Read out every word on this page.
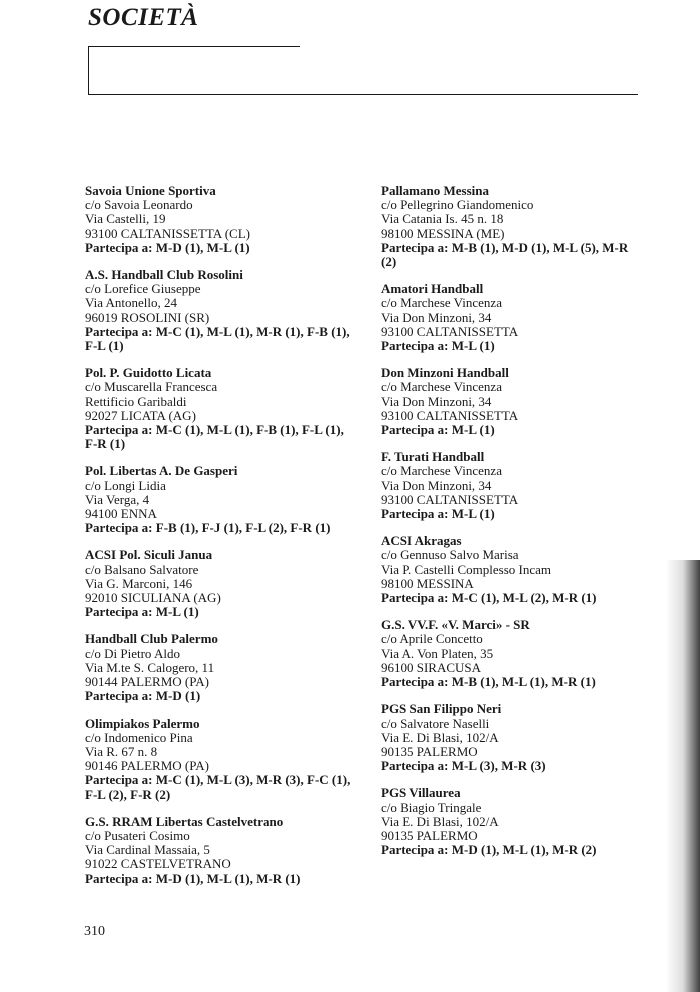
SOCIETÀ
Savoia Unione Sportiva
c/o Savoia Leonardo
Via Castelli, 19
93100 CALTANISSETTA (CL)
Partecipa a: M-D (1), M-L (1)
A.S. Handball Club Rosolini
c/o Lorefice Giuseppe
Via Antonello, 24
96019 ROSOLINI (SR)
Partecipa a: M-C (1), M-L (1), M-R (1), F-B (1), F-L (1)
Pol. P. Guidotto Licata
c/o Muscarella Francesca
Rettificio Garibaldi
92027 LICATA (AG)
Partecipa a: M-C (1), M-L (1), F-B (1), F-L (1), F-R (1)
Pol. Libertas A. De Gasperi
c/o Longi Lidia
Via Verga, 4
94100 ENNA
Partecipa a: F-B (1), F-J (1), F-L (2), F-R (1)
ACSI Pol. Siculi Janua
c/o Balsano Salvatore
Via G. Marconi, 146
92010 SICULIANA (AG)
Partecipa a: M-L (1)
Handball Club Palermo
c/o Di Pietro Aldo
Via M.te S. Calogero, 11
90144 PALERMO (PA)
Partecipa a: M-D (1)
Olimpiakos Palermo
c/o Indomenico Pina
Via R. 67 n. 8
90146 PALERMO (PA)
Partecipa a: M-C (1), M-L (3), M-R (3), F-C (1), F-L (2), F-R (2)
G.S. RRAM Libertas Castelvetrano
c/o Pusateri Cosimo
Via Cardinal Massaia, 5
91022 CASTELVETRANO
Partecipa a: M-D (1), M-L (1), M-R (1)
Pallamano Messina
c/o Pellegrino Giandomenico
Via Catania Is. 45 n. 18
98100 MESSINA (ME)
Partecipa a: M-B (1), M-D (1), M-L (5), M-R (2)
Amatori Handball
c/o Marchese Vincenza
Via Don Minzoni, 34
93100 CALTANISSETTA
Partecipa a: M-L (1)
Don Minzoni Handball
c/o Marchese Vincenza
Via Don Minzoni, 34
93100 CALTANISSETTA
Partecipa a: M-L (1)
F. Turati Handball
c/o Marchese Vincenza
Via Don Minzoni, 34
93100 CALTANISSETTA
Partecipa a: M-L (1)
ACSI Akragas
c/o Gennuso Salvo Marisa
Via P. Castelli Complesso Incam
98100 MESSINA
Partecipa a: M-C (1), M-L (2), M-R (1)
G.S. VV.F. «V. Marci» - SR
c/o Aprile Concetto
Via A. Von Platen, 35
96100 SIRACUSA
Partecipa a: M-B (1), M-L (1), M-R (1)
PGS San Filippo Neri
c/o Salvatore Naselli
Via E. Di Blasi, 102/A
90135 PALERMO
Partecipa a: M-L (3), M-R (3)
PGS Villaurea
c/o Biagio Tringale
Via E. Di Blasi, 102/A
90135 PALERMO
Partecipa a: M-D (1), M-L (1), M-R (2)
310
